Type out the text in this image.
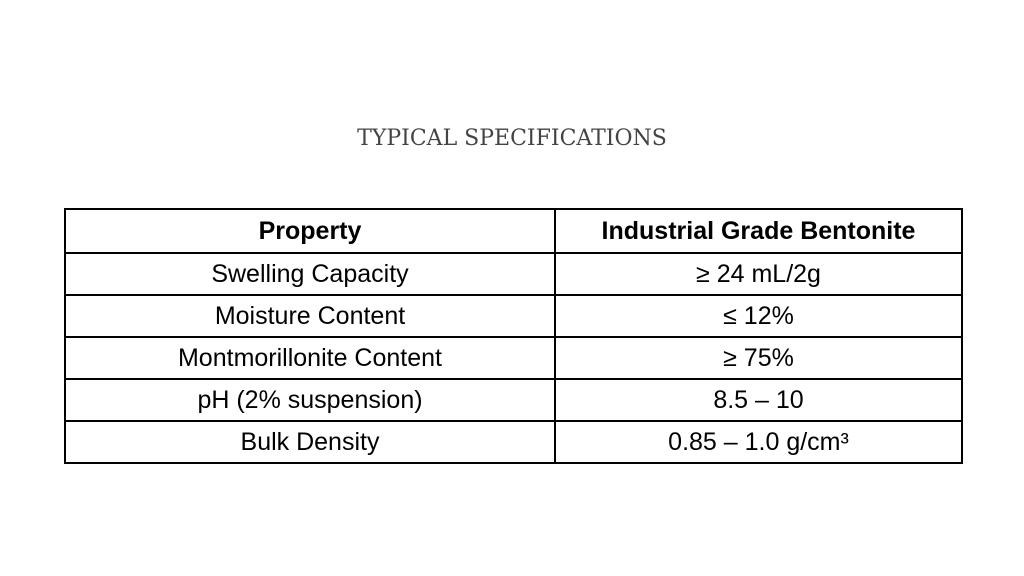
TYPICAL SPECIFICATIONS
Property	Industrial Grade Bentonite
Swelling Capacity	≥ 24 mL/2g
Moisture Content	≤ 12%
Montmorillonite Content	≥ 75%
pH (2% suspension)	8.5 – 10
Bulk Density	0.85 – 1.0 g/cm³
